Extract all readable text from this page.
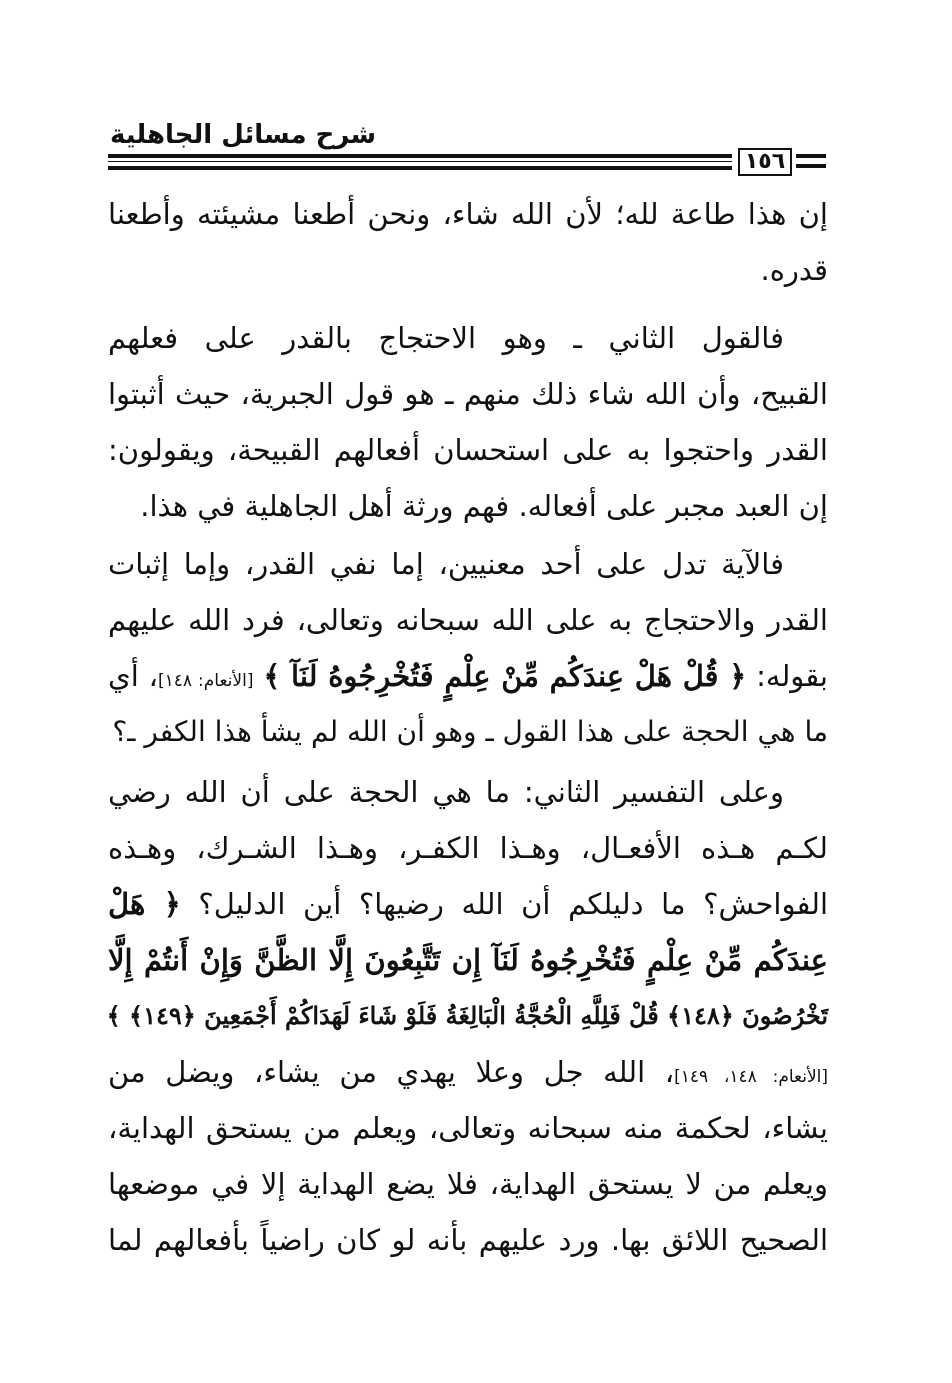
شرح مسائل الجاهلية
١٥٦
إن هذا طاعة لله؛ لأن الله شاء، ونحن أطعنا مشيئته وأطعنا
قدره.
فالقول الثاني ـ وهو الاحتجاج بالقدر على فعلهم
القبيح، وأن الله شاء ذلك منهم ـ هو قول الجبرية، حيث أثبتوا
القدر واحتجوا به على استحسان أفعالهم القبيحة، ويقولون:
إن العبد مجبر على أفعاله. فهم ورثة أهل الجاهلية في هذا.
فالآية تدل على أحد معنيين، إما نفي القدر، وإما إثبات
القدر والاحتجاج به على الله سبحانه وتعالى، فرد الله عليهم
بقوله: ﴿ قُلْ هَلْ عِندَكُم مِّنْ عِلْمٍ فَتُخْرِجُوهُ لَنَآ ﴾ [الأنعام: ١٤٨]، أي
ما هي الحجة على هذا القول ـ وهو أن الله لم يشأ هذا الكفر ـ؟
وعلى التفسير الثاني: ما هي الحجة على أن الله رضي
لكـم هـذه الأفعـال، وهـذا الكفـر، وهـذا الشـرك، وهـذه
الفواحش؟ ما دليلكم أن الله رضيها؟ أين الدليل؟ ﴿ هَلْ
عِندَكُم مِّنْ عِلْمٍ فَتُخْرِجُوهُ لَنَآ إِن تَتَّبِعُونَ إِلَّا الظَّنَّ وَإِنْ أَنتُمْ إِلَّا
تَخْرُصُونَ ﴿١٤٨﴾ قُلْ فَلِلَّهِ الْحُجَّةُ الْبَالِغَةُ فَلَوْ شَاءَ لَهَدَاكُمْ أَجْمَعِينَ ﴿١٤٩﴾ ﴾
[الأنعام: ١٤٨، ١٤٩]، الله جل وعلا يهدي من يشاء، ويضل من
يشاء، لحكمة منه سبحانه وتعالى، ويعلم من يستحق الهداية،
ويعلم من لا يستحق الهداية، فلا يضع الهداية إلا في موضعها
الصحيح اللائق بها. ورد عليهم بأنه لو كان راضياً بأفعالهم لما
